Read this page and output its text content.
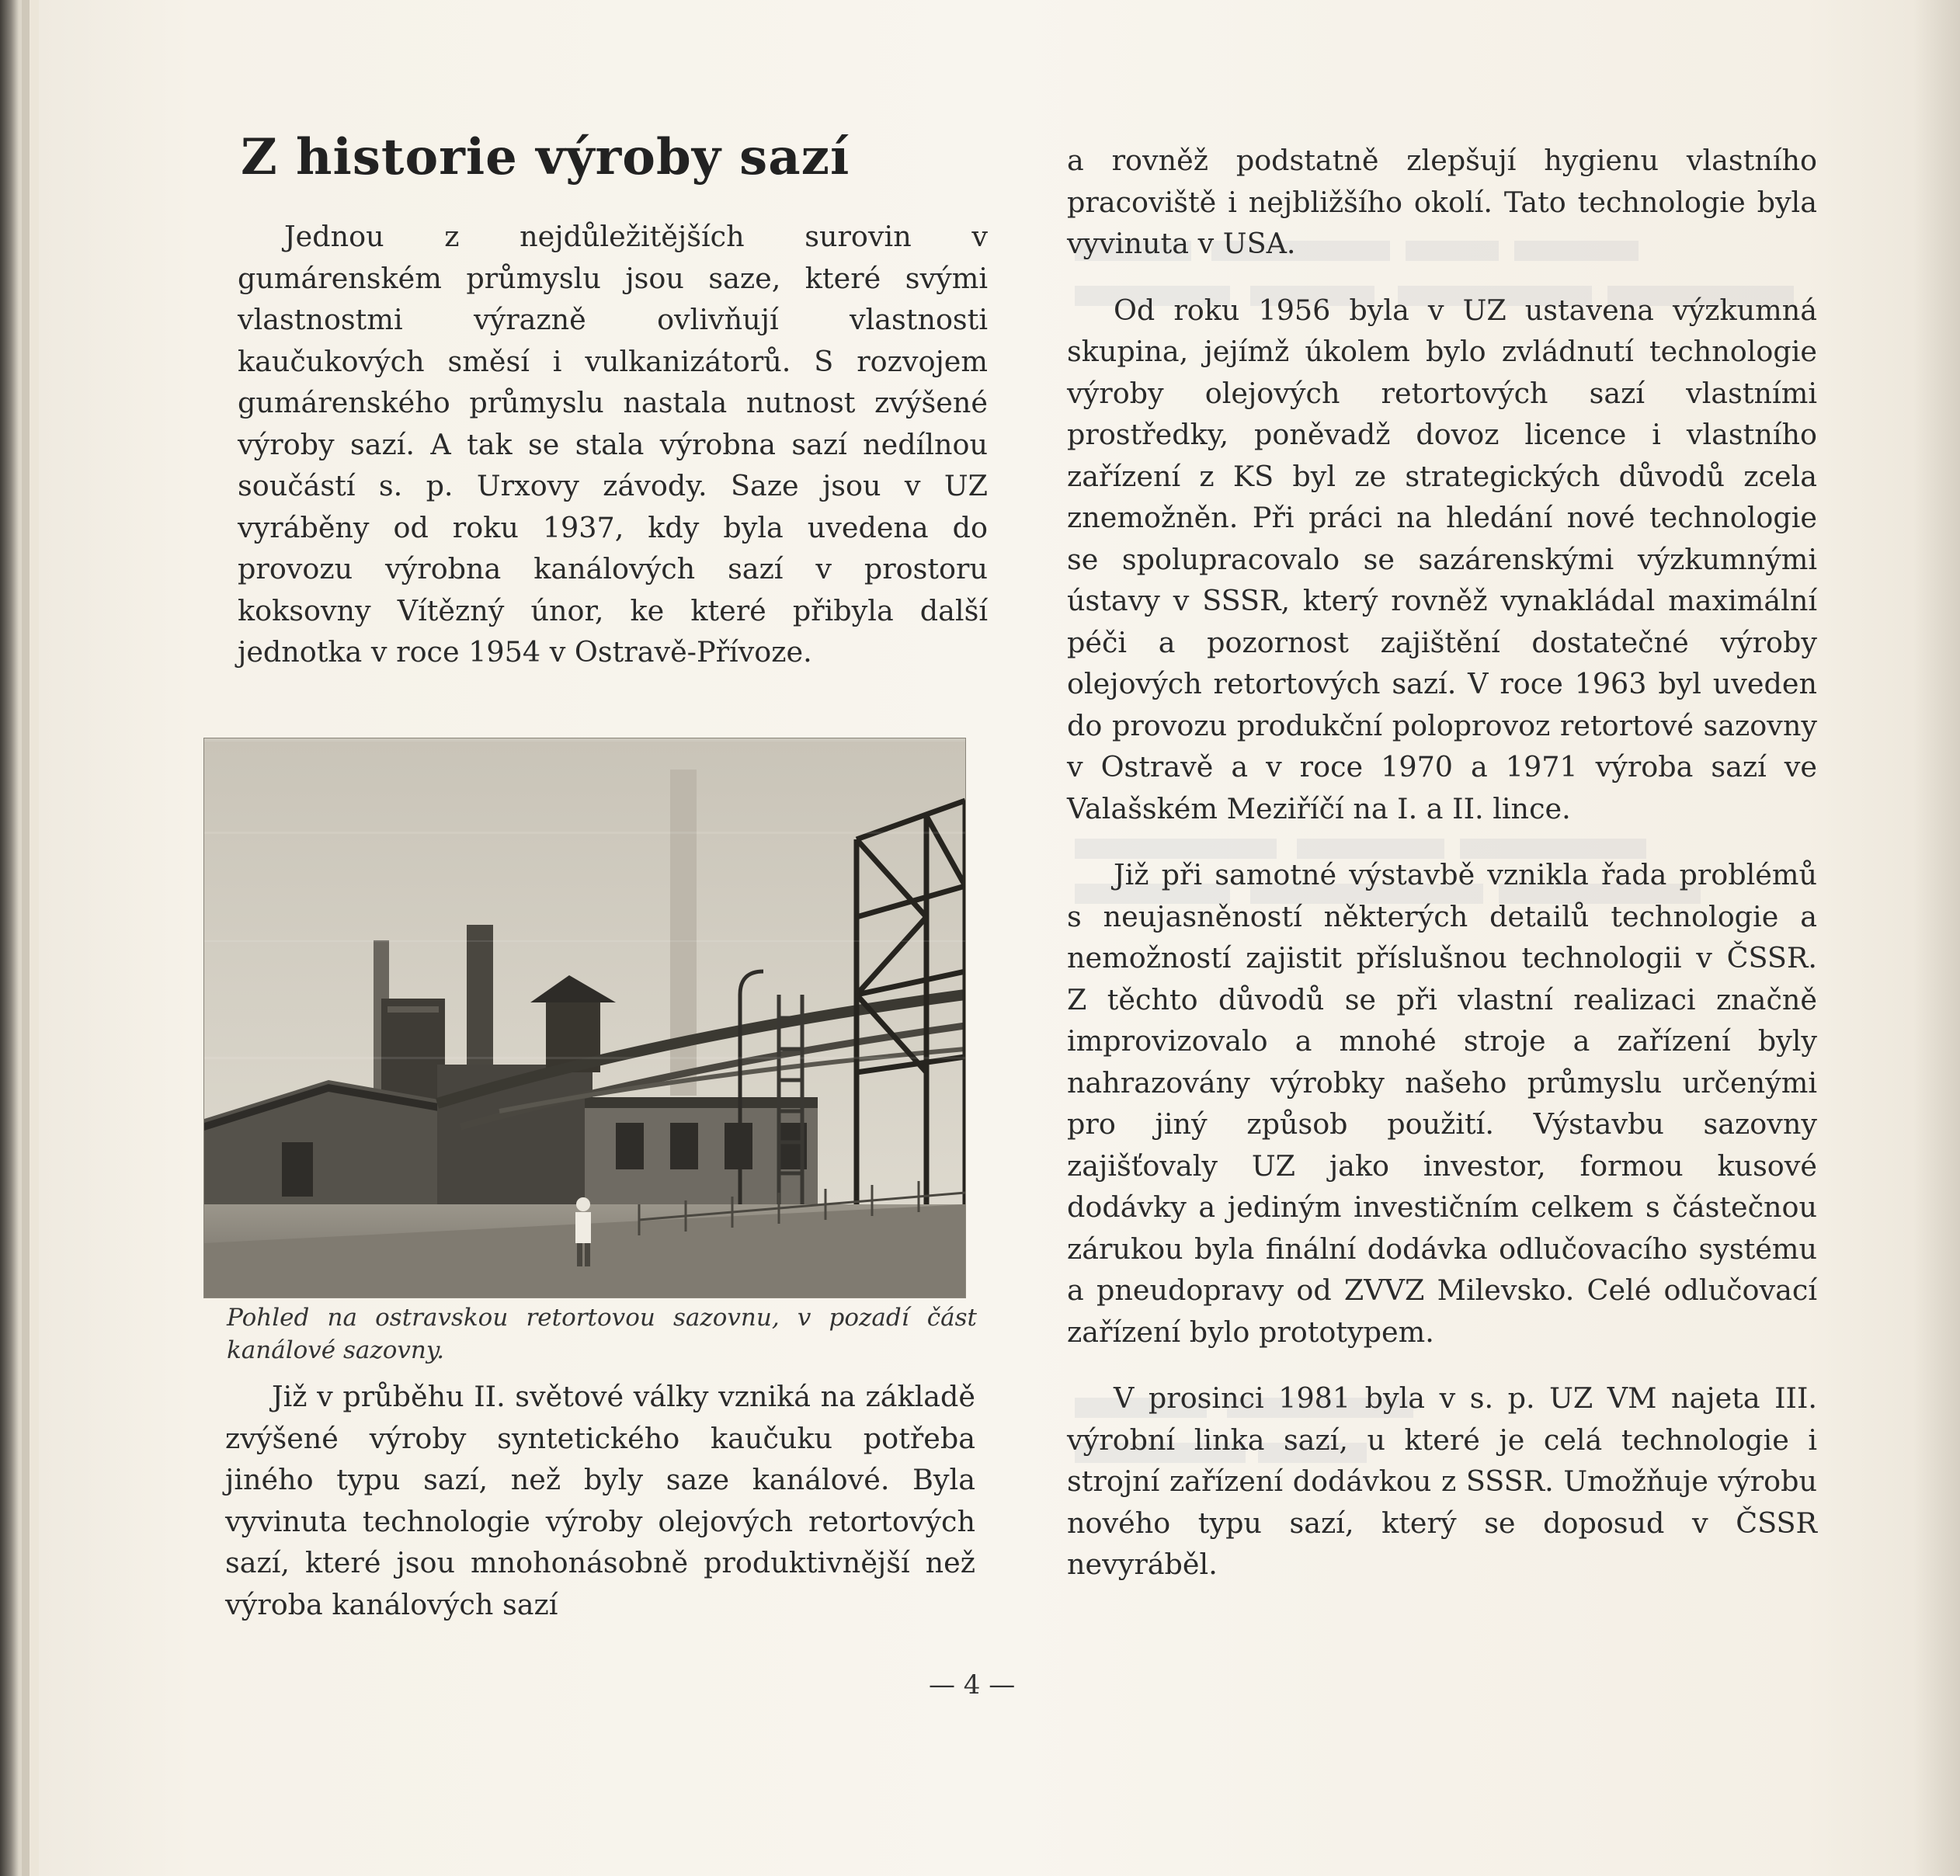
Z historie výroby sazí

Jednou z nejdůležitějších surovin v gumárenském průmyslu jsou saze, které svými vlastnostmi výrazně ovlivňují vlastnosti kaučukových směsí i vulkanizátorů. S rozvojem gumárenského průmyslu nastala nutnost zvýšené výroby sazí. A tak se stala výrobna sazí nedílnou součástí s. p. Urxovy závody. Saze jsou v UZ vyráběny od roku 1937, kdy byla uvedena do provozu výrobna kanálových sazí v prostoru koksovny Vítězný únor, ke které přibyla další jednotka v roce 1954 v Ostravě-Přívoze.

Pohled na ostravskou retortovou sazovnu, v pozadí část kanálové sazovny.

Již v průběhu II. světové války vzniká na základě zvýšené výroby syntetického kaučuku potřeba jiného typu sazí, než byly saze kanálové. Byla vyvinuta technologie výroby olejových retortových sazí, které jsou mnohonásobně produktivnější než výroba kanálových sazí

a rovněž podstatně zlepšují hygienu vlastního pracoviště i nejbližšího okolí. Tato technologie byla vyvinuta v USA.

Od roku 1956 byla v UZ ustavena výzkumná skupina, jejímž úkolem bylo zvládnutí technologie výroby olejových retortových sazí vlastními prostředky, poněvadž dovoz licence i vlastního zařízení z KS byl ze strategických důvodů zcela znemožněn. Při práci na hledání nové technologie se spolupracovalo se sazárenskými výzkumnými ústavy v SSSR, který rovněž vynakládal maximální péči a pozornost zajištění dostatečné výroby olejových retortových sazí. V roce 1963 byl uveden do provozu produkční poloprovoz retortové sazovny v Ostravě a v roce 1970 a 1971 výroba sazí ve Valašském Meziříčí na I. a II. lince.

Již při samotné výstavbě vznikla řada problémů s neujasněností některých detailů technologie a nemožností zajistit příslušnou technologii v ČSSR. Z těchto důvodů se při vlastní realizaci značně improvizovalo a mnohé stroje a zařízení byly nahrazovány výrobky našeho průmyslu určenými pro jiný způsob použití. Výstavbu sazovny zajišťovaly UZ jako investor, formou kusové dodávky a jediným investičním celkem s částečnou zárukou byla finální dodávka odlučovacího systému a pneudopravy od ZVVZ Milevsko. Celé odlučovací zařízení bylo prototypem.

V prosinci 1981 byla v s. p. UZ VM najeta III. výrobní linka sazí, u které je celá technologie i strojní zařízení dodávkou z SSSR. Umožňuje výrobu nového typu sazí, který se doposud v ČSSR nevyráběl.

— 4 —
